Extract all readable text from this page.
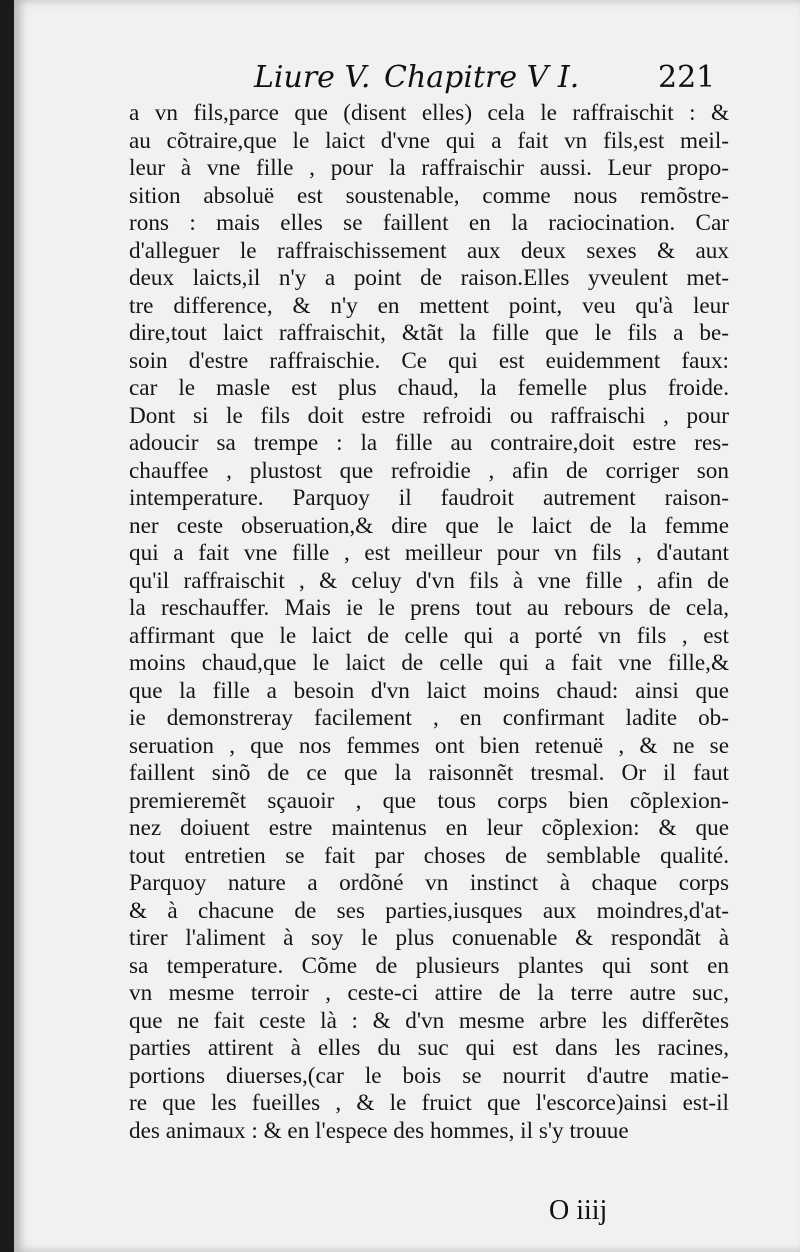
Liure V. Chapitre V I.	221
a vn fils,parce que (disent elles) cela le raffraischit : &
au cõtraire,que le laict d'vne qui a fait vn fils,est meil-
leur à vne fille , pour la raffraischir aussi. Leur propo-
sition absoluë est soustenable, comme nous remõstre-
rons : mais elles se faillent en la raciocination. Car
d'alleguer le raffraischissement aux deux sexes & aux
deux laicts,il n'y a point de raison.Elles yveulent met-
tre difference, & n'y en mettent point, veu qu'à leur
dire,tout laict raffraischit, &tãt la fille que le fils a be-
soin d'estre raffraischie. Ce qui est euidemment faux:
car le masle est plus chaud, la femelle plus froide.
Dont si le fils doit estre refroidi ou raffraischi , pour
adoucir sa trempe : la fille au contraire,doit estre res-
chauffee , plustost que refroidie , afin de corriger son
intemperature. Parquoy il faudroit autrement raison-
ner ceste obseruation,& dire que le laict de la femme
qui a fait vne fille , est meilleur pour vn fils , d'autant
qu'il raffraischit , & celuy d'vn fils à vne fille , afin de
la reschauffer. Mais ie le prens tout au rebours de cela,
affirmant que le laict de celle qui a porté vn fils , est
moins chaud,que le laict de celle qui a fait vne fille,&
que la fille a besoin d'vn laict moins chaud: ainsi que
ie demonstreray facilement , en confirmant ladite ob-
seruation , que nos femmes ont bien retenuë , & ne se
faillent sinõ de ce que la raisonnẽt tresmal. Or il faut
premieremẽt sçauoir , que tous corps bien cõplexion-
nez doiuent estre maintenus en leur cõplexion: & que
tout entretien se fait par choses de semblable qualité.
Parquoy nature a ordõné vn instinct à chaque corps
& à chacune de ses parties,iusques aux moindres,d'at-
tirer l'aliment à soy le plus conuenable & respondãt à
sa temperature. Cõme de plusieurs plantes qui sont en
vn mesme terroir , ceste-ci attire de la terre autre suc,
que ne fait ceste là : & d'vn mesme arbre les differẽtes
parties attirent à elles du suc qui est dans les racines,
portions diuerses,(car le bois se nourrit d'autre matie-
re que les fueilles , & le fruict que l'escorce)ainsi est-il
des animaux : & en l'espece des hommes, il s'y trouue
O iiij
